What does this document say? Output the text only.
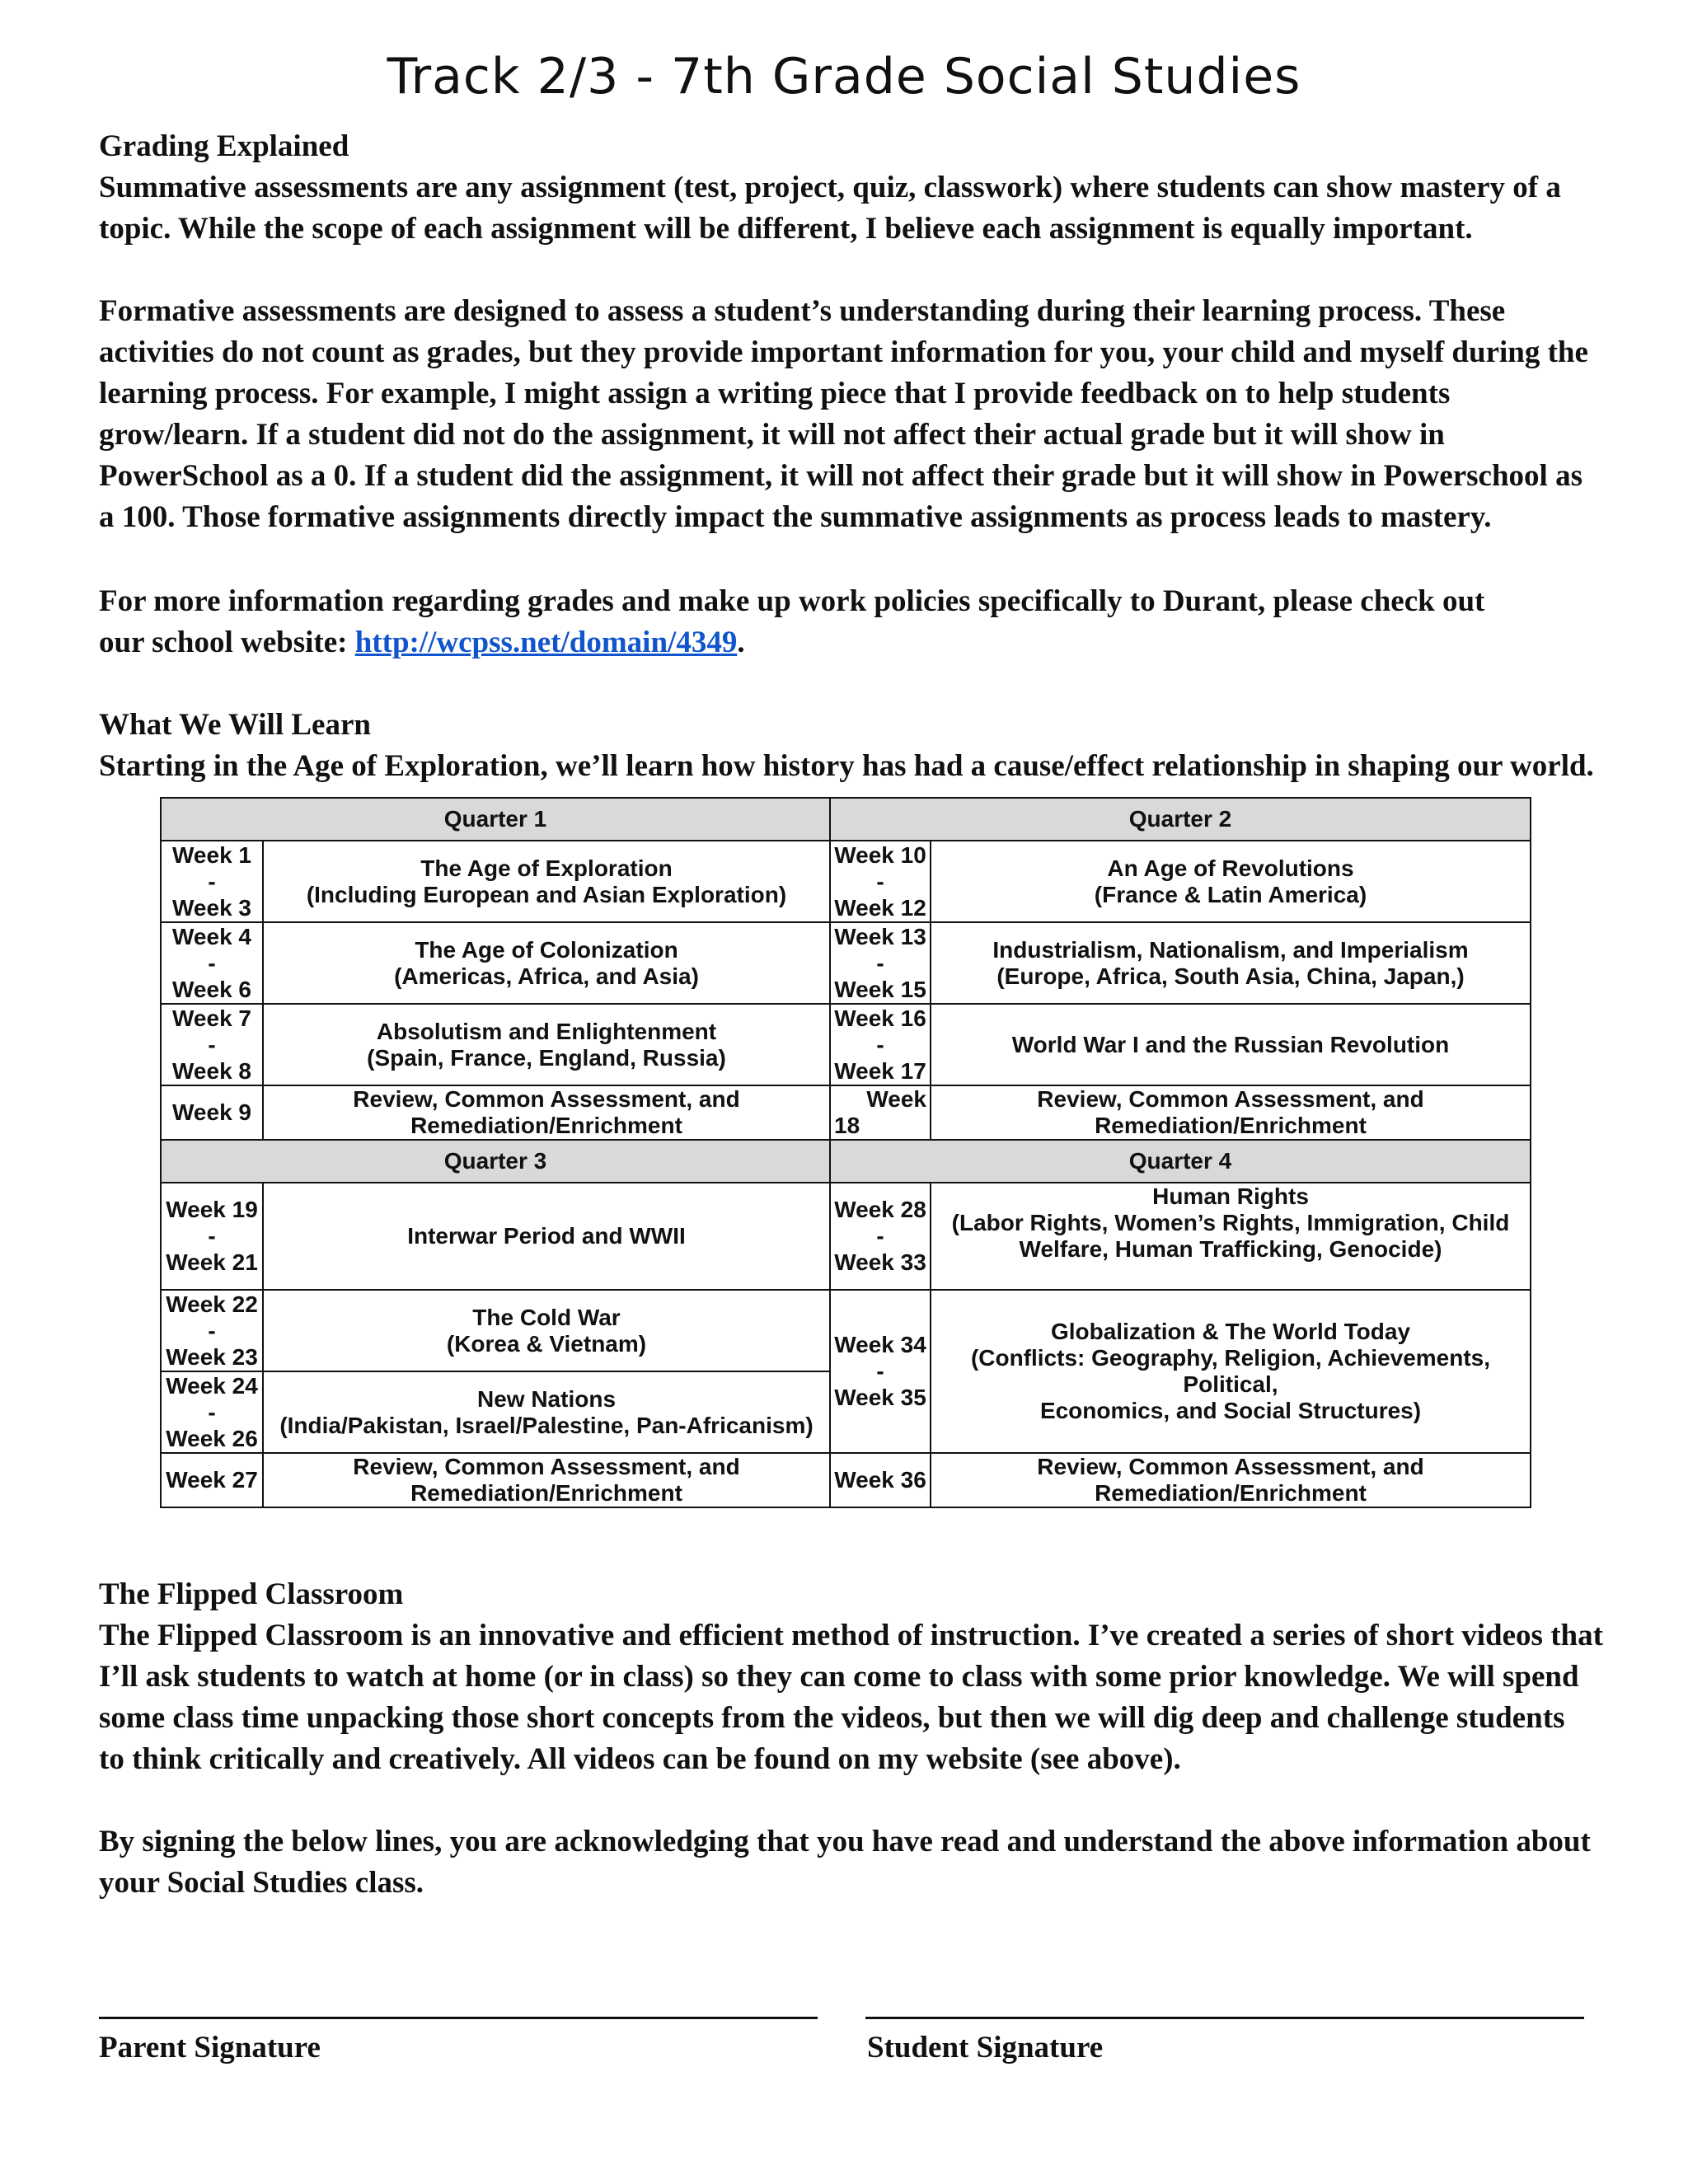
Track 2/3 - 7th Grade Social Studies
Grading Explained
Summative assessments are any assignment (test, project, quiz, classwork) where students can show mastery of a
topic. While the scope of each assignment will be different, I believe each assignment is equally important.
Formative assessments are designed to assess a student’s understanding during their learning process. These
activities do not count as grades, but they provide important information for you, your child and myself during the
learning process. For example, I might assign a writing piece that I provide feedback on to help students
grow/learn. If a student did not do the assignment, it will not affect their actual grade but it will show in
PowerSchool as a 0. If a student did the assignment, it will not affect their grade but it will show in Powerschool as
a 100. Those formative assignments directly impact the summative assignments as process leads to mastery.
For more information regarding grades and make up work policies specifically to Durant, please check out
our school website: http://wcpss.net/domain/4349.
What We Will Learn
Starting in the Age of Exploration, we’ll learn how history has had a cause/effect relationship in shaping our world.
Quarter 1		Quarter 2	

Week 1
-
Week 3	The Age of Exploration
(Including European and Asian Exploration)	Week 10
-
Week 12	An Age of Revolutions
(France & Latin America)

Week 4
-
Week 6	The Age of Colonization
(Americas, Africa, and Asia)	Week 13
-
Week 15	Industrialism, Nationalism, and Imperialism
(Europe, Africa, South Asia, China, Japan,)

Week 7
-
Week 8	Absolutism and Enlightenment
(Spain, France, England, Russia)	Week 16
-
Week 17	World War I and the Russian Revolution

Week 9	Review, Common Assessment, and
Remediation/Enrichment	Week
18	Review, Common Assessment, and
Remediation/Enrichment

Quarter 3		Quarter 4	

Week 19
-
Week 21	Interwar Period and WWII	Week 28
-
Week 33	Human Rights
(Labor Rights, Women’s Rights, Immigration, Child
Welfare, Human Trafficking, Genocide)

Week 22
-
Week 23	The Cold War
(Korea & Vietnam)	Week 34
-
Week 35	Globalization & The World Today
(Conflicts: Geography, Religion, Achievements, Political,
Economics, and Social Structures)

Week 24
-
Week 26	New Nations
(India/Pakistan, Israel/Palestine, Pan-Africanism)		

Week 27	Review, Common Assessment, and
Remediation/Enrichment	Week 36	Review, Common Assessment, and
Remediation/Enrichment
The Flipped Classroom
The Flipped Classroom is an innovative and efficient method of instruction. I’ve created a series of short videos that
I’ll ask students to watch at home (or in class) so they can come to class with some prior knowledge. We will spend
some class time unpacking those short concepts from the videos, but then we will dig deep and challenge students
to think critically and creatively. All videos can be found on my website (see above).
By signing the below lines, you are acknowledging that you have read and understand the above information about
your Social Studies class.
Parent Signature	Student Signature
